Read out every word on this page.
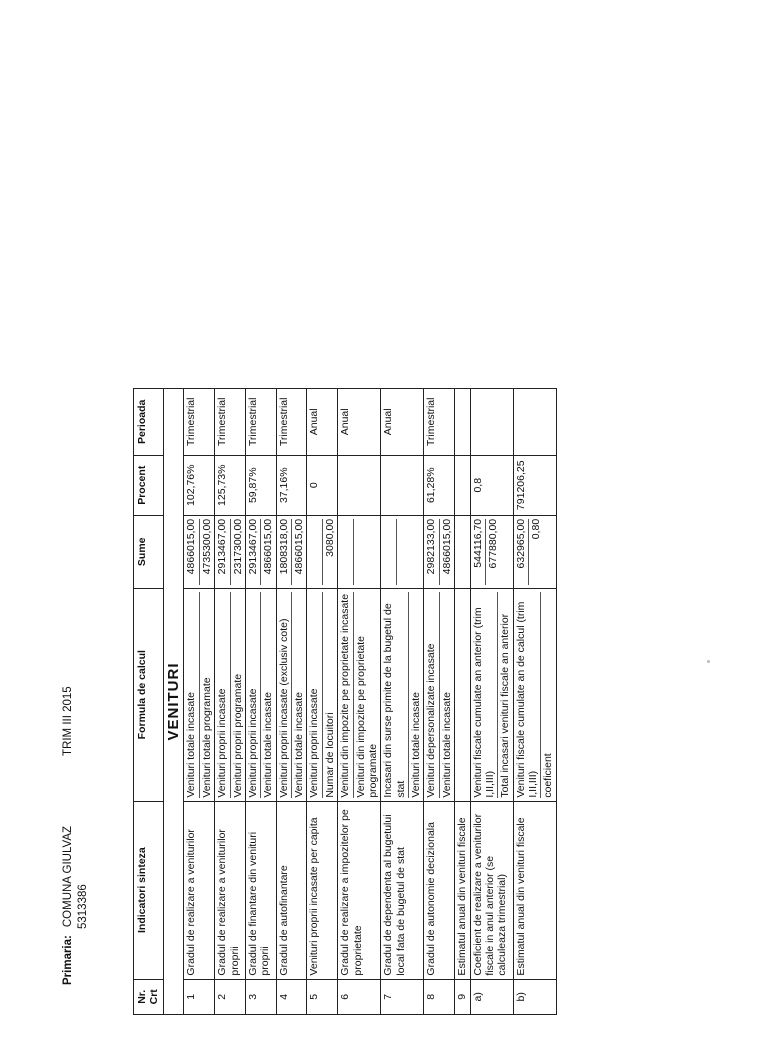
Primaria:
COMUNA GIULVAZ
TRIM III 2015
5313386
VENITURI					
Nr. Crt	Indicatori sinteza	Formula de calcul	Sume	Procent	Perioada
1	Gradul de realizare a veniturilor	Venituri totale incasate Venituri totale programate	4866015,00 4735300,00	102,76%	Trimestrial
2	Gradul de realizare a veniturilor proprii	Venituri proprii incasate Venituri proprii programate	2913467,00 2317300,00	125,73%	Trimestrial
3	Gradul de finantare din venituri proprii	Venituri proprii incasate Venituri totale incasate	2913467,00 4866015,00	59,87%	Trimestrial
4	Gradul de autofinantare	Venituri proprii incasate (exclusiv cote) Venituri totale incasate	1808318,00 4866015,00	37,16%	Trimestrial
5	Venituri proprii incasate per capita	Venituri proprii incasate Numar de locuitori	3080,00	0	Anual
6	Gradul de realizare a impozitelor pe proprietate	Venituri din impozite pe proprietate incasate Venituri din impozite pe proprietate programate			Anual
7	Gradul de dependenta al bugetului local fata de bugetul de stat	Incasari din surse primite de la bugetul de stat Venituri totale incasate			Anual
8	Gradul de autonomie decizionala	Venituri depersonalizate incasate Venituri totale incasate	2982133,00 4866015,00	61,28%	Trimestrial
9	Estimatul anual din venituri fiscale	

a)	Coeficient de realizare a veniturilor fiscale in anul anterior (se calculeaza trimestrial)	Venituri fiscale cumulate an anterior (trim I,II,III) Total incasari venituri fiscale an anterior	544116,70 677880,00	0,8	
b)	Estimatul anual din venituri fiscale	Venituri fiscale cumulate an de calcul (trim I,II,III) coeficient	632965,00 0,80	791206,25	
